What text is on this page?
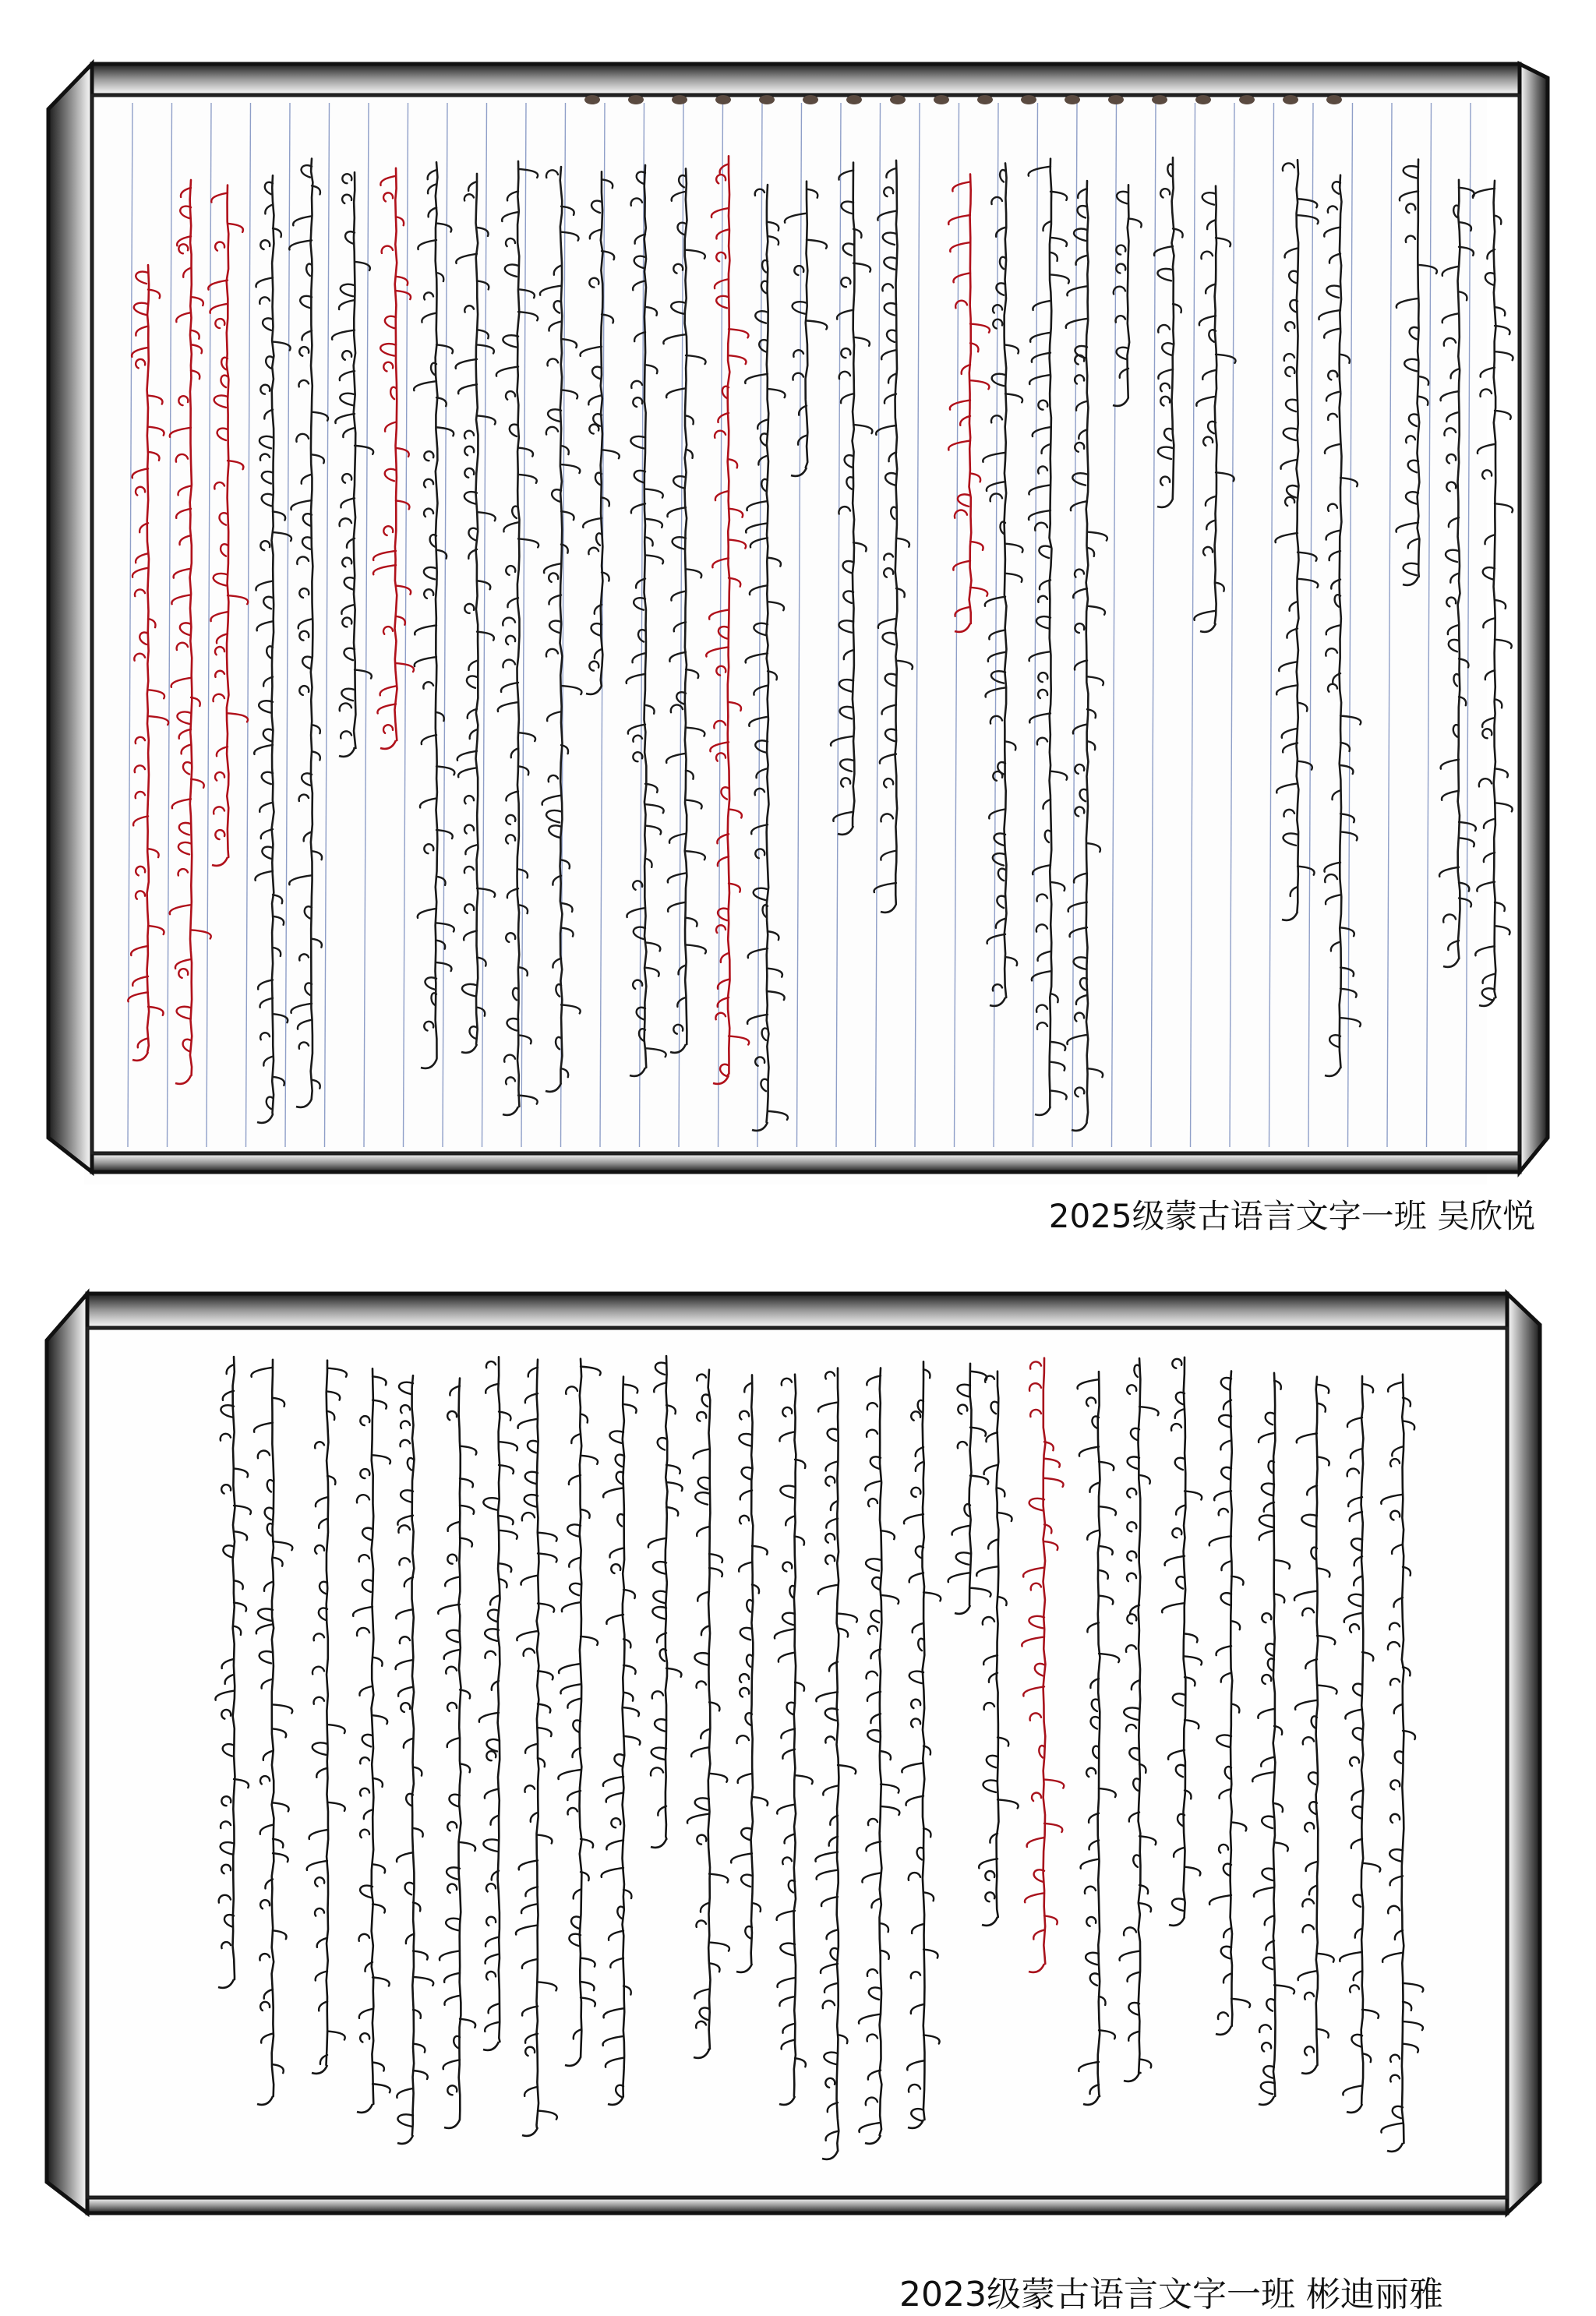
2025级蒙古语言文字一班 吴欣悦
2023级蒙古语言文字一班 彬迪丽雅
